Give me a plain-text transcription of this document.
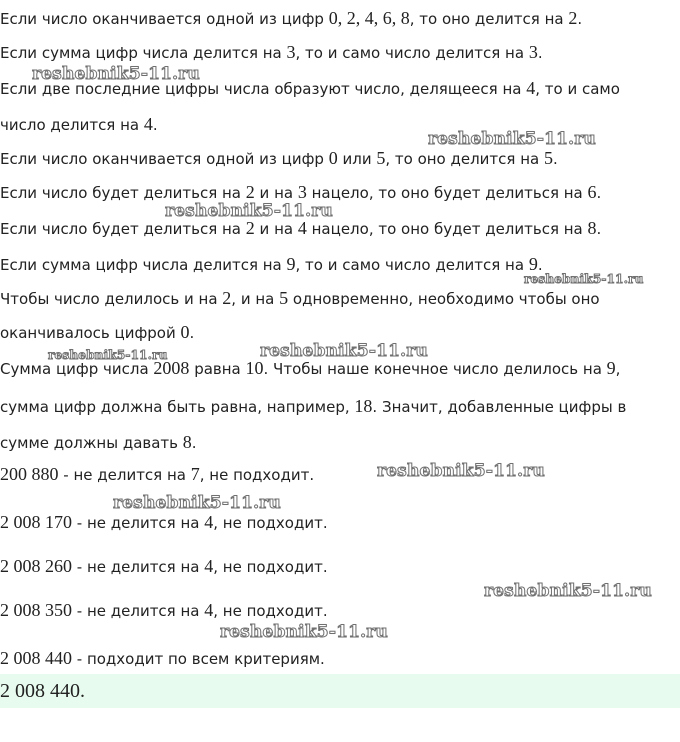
Если число оканчивается одной из цифр 0, 2, 4, 6, 8, то оно делится на 2.
Если сумма цифр числа делится на 3, то и само число делится на 3.
Если две последние цифры числа образуют число, делящееся на 4, то и само
число делится на 4.
Если число оканчивается одной из цифр 0 или 5, то оно делится на 5.
Если число будет делиться на 2 и на 3 нацело, то оно будет делиться на 6.
Если число будет делиться на 2 и на 4 нацело, то оно будет делиться на 8.
Если сумма цифр числа делится на 9, то и само число делится на 9.
Чтобы число делилось и на 2, и на 5 одновременно, необходимо чтобы оно
оканчивалось цифрой 0.
Сумма цифр числа 2008 равна 10. Чтобы наше конечное число делилось на 9,
сумма цифр должна быть равна, например, 18. Значит, добавленные цифры в
сумме должны давать 8.
200 880 - не делится на 7, не подходит.
2 008 170 - не делится на 4, не подходит.
2 008 260 - не делится на 4, не подходит.
2 008 350 - не делится на 4, не подходит.
2 008 440 - подходит по всем критериям.
2 008 440.
reshebnik5-11.ru
reshebnik5-11.ru
reshebnik5-11.ru
reshebnik5-11.ru
reshebnik5-11.ru	reshebnik5-11.ru
reshebnik5-11.ru
reshebnik5-11.ru
reshebnik5-11.ru
reshebnik5-11.ru
